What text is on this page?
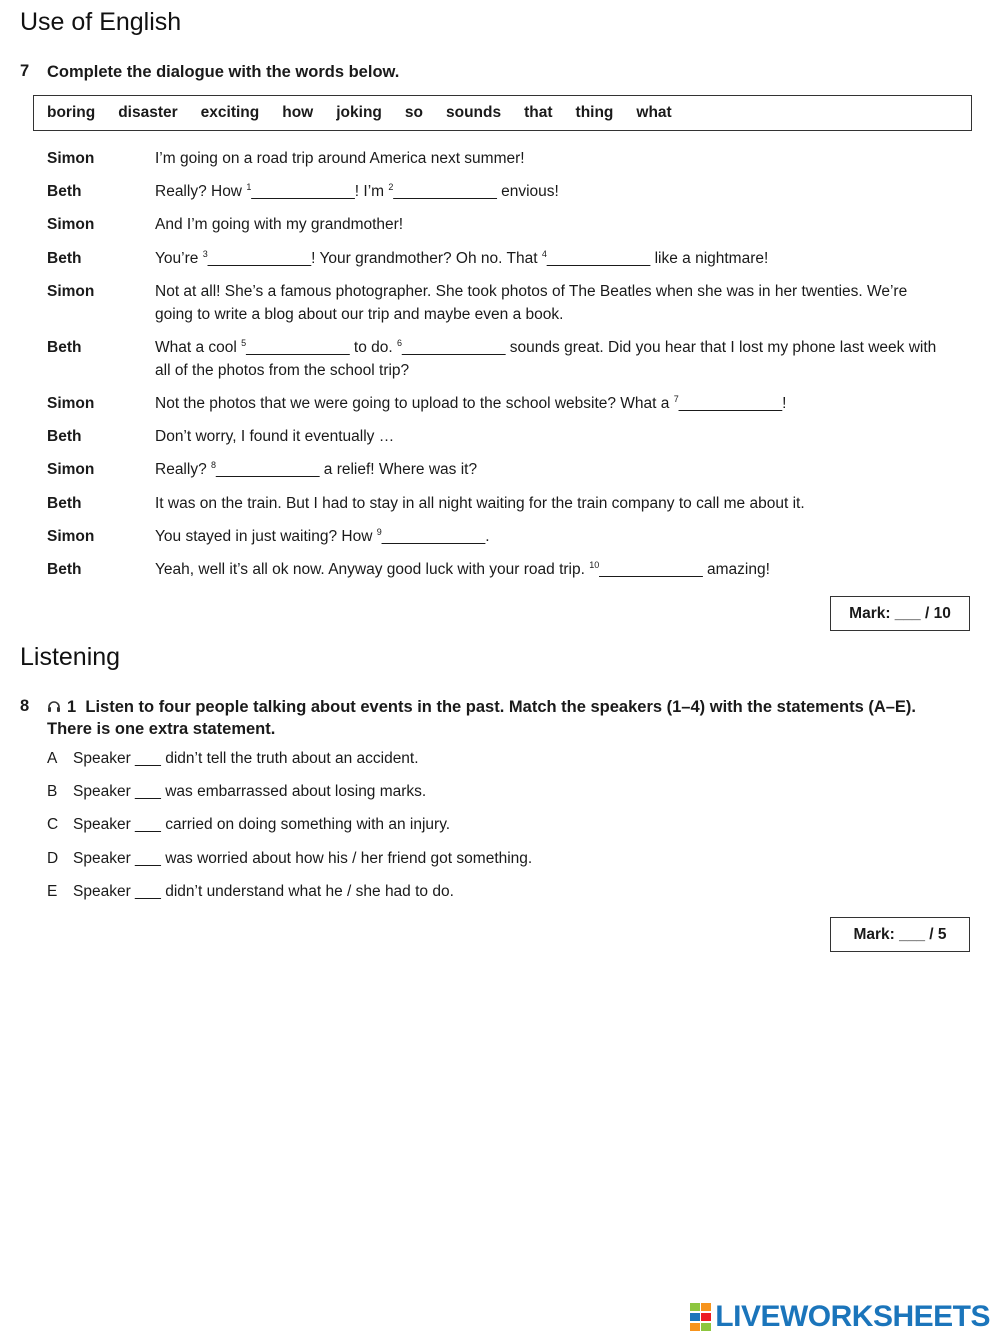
Use of English
7 Complete the dialogue with the words below.
boring disaster exciting how joking so sounds that thing what
Simon	I’m going on a road trip around America next summer!
Beth	Really? How $^1$____________! I’m $^2$____________ envious!
Simon	And I’m going with my grandmother!
Beth	You’re $^3$____________! Your grandmother? Oh no. That $^4$____________ like a nightmare!
Simon	Not at all! She’s a famous photographer. She took photos of The Beatles when she was in her twenties. We’re going to write a blog about our trip and maybe even a book.
Beth	What a cool $^5$____________ to do. $^6$____________ sounds great. Did you hear that I lost my phone last week with all of the photos from the school trip?
Simon	Not the photos that we were going to upload to the school website? What a $^7$____________!
Beth	Don’t worry, I found it eventually …
Simon	Really? $^8$____________ a relief! Where was it?
Beth	It was on the train. But I had to stay in all night waiting for the train company to call me about it.
Simon	You stayed in just waiting? How $^9$____________.
Beth	Yeah, well it’s all ok now. Anyway good luck with your road trip. $^{10}$____________ amazing!
Mark: ___ / 10
Listening
8	1 Listen to four people talking about events in the past. Match the speakers (1–4) with the statements (A–E). There is one extra statement.
A Speaker ___ didn’t tell the truth about an accident.
B Speaker ___ was embarrassed about losing marks.
C Speaker ___ carried on doing something with an injury.
D Speaker ___ was worried about how his / her friend got something.
E Speaker ___ didn’t understand what he / she had to do.
Mark: ___ / 5
LIVEWORKSHEETS
